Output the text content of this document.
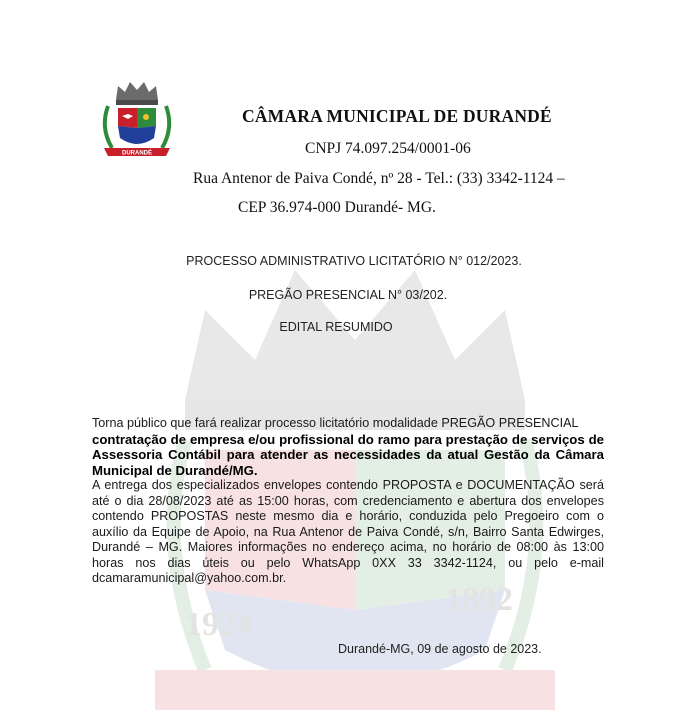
1924
1892
DURANDÉ
CÂMARA MUNICIPAL DE DURANDÉ
CNPJ 74.097.254/0001-06
Rua Antenor de Paiva Condé, nº 28 - Tel.: (33) 3342-1124 –
CEP 36.974-000 Durandé- MG.
PROCESSO ADMINISTRATIVO LICITATÓRIO N° 012/2023.
PREGÃO PRESENCIAL N° 03/202.
EDITAL RESUMIDO
Torna público que fará realizar processo licitatório modalidade PREGÃO PRESENCIAL
contratação de empresa e/ou profissional do ramo para prestação de serviços de Assessoria Contábil para atender as necessidades da atual Gestão da Câmara Municipal de Durandé/MG.
A entrega dos especializados envelopes contendo PROPOSTA e DOCUMENTAÇÃO será até o dia 28/08/2023 até as 15:00 horas, com credenciamento e abertura dos envelopes contendo PROPOSTAS neste mesmo dia e horário, conduzida pelo Pregoeiro com o auxílio da Equipe de Apoio, na Rua Antenor de Paiva Condé, s/n, Bairro Santa Edwirges, Durandé – MG. Maiores informações no endereço acima, no horário de 08:00 às 13:00 horas nos dias úteis ou pelo WhatsApp 0XX 33 3342-1124, ou pelo e-mail dcamaramunicipal@yahoo.com.br.
Durandé-MG, 09 de agosto de 2023.
